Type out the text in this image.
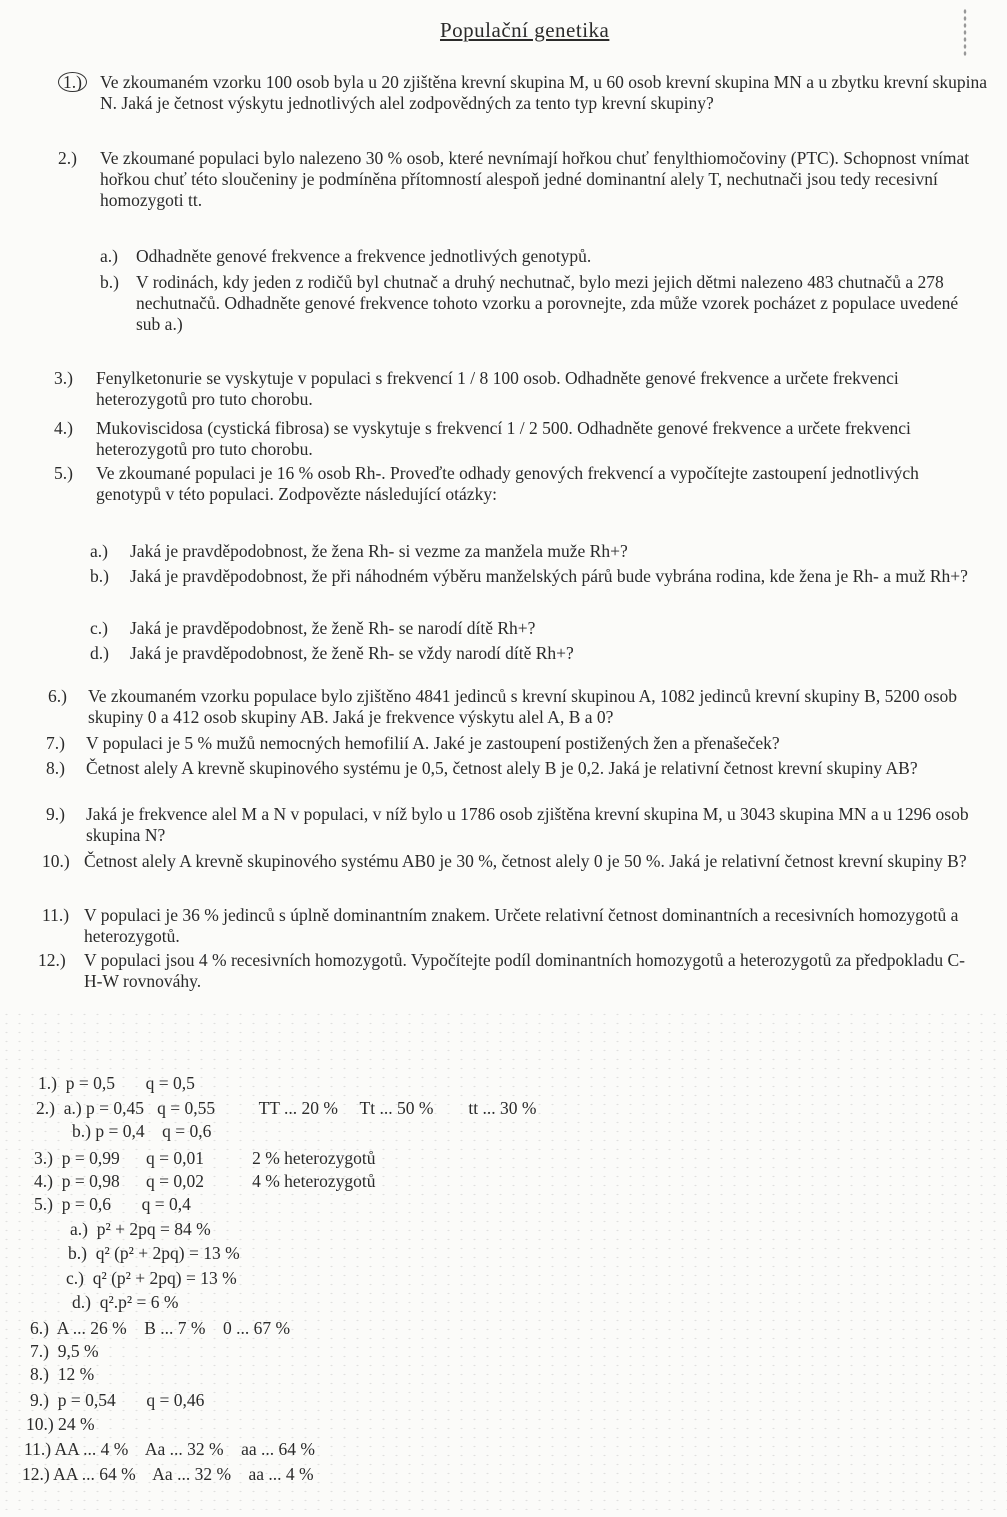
Populační genetika
1.)	Ve zkoumaném vzorku 100 osob byla u 20 zjištěna krevní skupina M, u 60 osob krevní skupina MN a u zbytku krevní skupina N. Jaká je četnost výskytu jednotlivých alel zodpovědných za tento typ krevní skupiny?
2.)	Ve zkoumané populaci bylo nalezeno 30 % osob, které nevnímají hořkou chuť fenylthiomočoviny (PTC). Schopnost vnímat hořkou chuť této sloučeniny je podmíněna přítomností alespoň jedné dominantní alely T, nechutnači jsou tedy recesivní homozygoti tt.
a.)	Odhadněte genové frekvence a frekvence jednotlivých genotypů.
b.) V rodinách, kdy jeden z rodičů byl chutnač a druhý nechutnač, bylo mezi jejich dětmi nalezeno 483 chutnačů a 278 nechutnačů. Odhadněte genové frekvence tohoto vzorku a porovnejte, zda může vzorek pocházet z populace uvedené sub a.)
3.)	Fenylketonurie se vyskytuje v populaci s frekvencí 1 / 8 100 osob. Odhadněte genové frekvence a určete frekvenci heterozygotů pro tuto chorobu.
4.)	Mukoviscidosa (cystická fibrosa) se vyskytuje s frekvencí 1 / 2 500. Odhadněte genové frekvence a určete frekvenci heterozygotů pro tuto chorobu.
5.)	Ve zkoumané populaci je 16 % osob Rh-. Proveďte odhady genových frekvencí a vypočítejte zastoupení jednotlivých genotypů v této populaci. Zodpovězte následující otázky:
a.)	Jaká je pravděpodobnost, že žena Rh- si vezme za manžela muže Rh+?
b.)	Jaká je pravděpodobnost, že při náhodném výběru manželských párů bude vybrána rodina, kde žena je Rh- a muž Rh+?
c.)	Jaká je pravděpodobnost, že ženě Rh- se narodí dítě Rh+?
d.)	Jaká je pravděpodobnost, že ženě Rh- se vždy narodí dítě Rh+?
6.)	Ve zkoumaném vzorku populace bylo zjištěno 4841 jedinců s krevní skupinou A, 1082 jedinců krevní skupiny B, 5200 osob skupiny 0 a 412 osob skupiny AB. Jaká je frekvence výskytu alel A, B a 0?
7.)	V populaci je 5 % mužů nemocných hemofilií A. Jaké je zastoupení postižených žen a přenašeček?
8.)	Četnost alely A krevně skupinového systému je 0,5, četnost alely B je 0,2. Jaká je relativní četnost krevní skupiny AB?
9.)	Jaká je frekvence alel M a N v populaci, v níž bylo u 1786 osob zjištěna krevní skupina M, u 3043 skupina MN a u 1296 osob skupina N?
10.) Četnost alely A krevně skupinového systému AB0 je 30 %, četnost alely 0 je 50 %. Jaká je relativní četnost krevní skupiny B?
11.) V populaci je 36 % jedinců s úplně dominantním znakem. Určete relativní četnost dominantních a recesivních homozygotů a heterozygotů.
12.)	V populaci jsou 4 % recesivních homozygotů. Vypočítejte podíl dominantních homozygotů a heterozygotů za předpokladu C-H-W rovnováhy.
1.)  p = 0,5       q = 0,5
2.)  a.) p = 0,45   q = 0,55          TT ... 20 %     Tt ... 50 %        tt ... 30 %
b.) p = 0,4    q = 0,6
3.)  p = 0,99      q = 0,01           2 % heterozygotů
4.)  p = 0,98      q = 0,02           4 % heterozygotů
5.)  p = 0,6       q = 0,4
a.)  p² + 2pq = 84 %
b.)  q² (p² + 2pq) = 13 %
c.)  q² (p² + 2pq) = 13 %
d.)  q².p² = 6 %
6.)  A ... 26 %    B ... 7 %    0 ... 67 %
7.)  9,5 %
8.)  12 %
9.)  p = 0,54       q = 0,46
10.) 24 %
11.) AA ... 4 %    Aa ... 32 %    aa ... 64 %
12.) AA ... 64 %    Aa ... 32 %    aa ... 4 %
